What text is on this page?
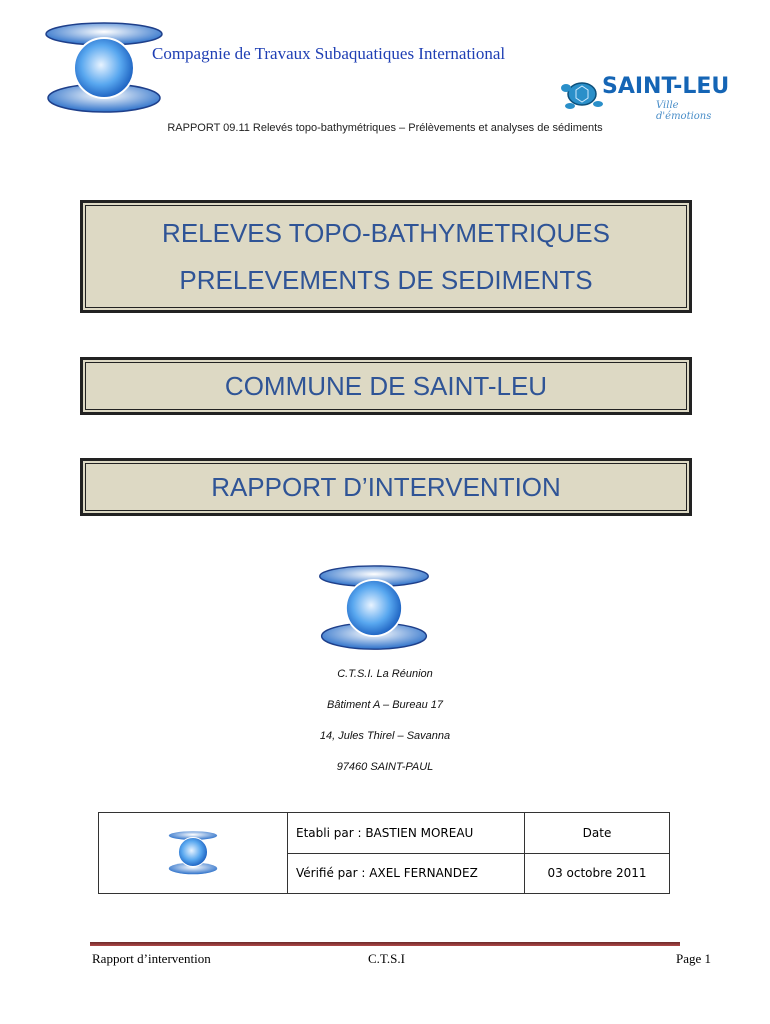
Compagnie de Travaux Subaquatiques International
SAINT-LEU
Ville d'émotions
RAPPORT 09.11 Relevés topo-bathymétriques – Prélèvements et analyses de sédiments
RELEVES TOPO-BATHYMETRIQUES
PRELEVEMENTS DE SEDIMENTS
COMMUNE DE SAINT-LEU
RAPPORT D’INTERVENTION
C.T.S.I. La Réunion
Bâtiment A – Bureau 17
14, Jules Thirel – Savanna
97460 SAINT-PAUL
	Etabli par : BASTIEN MOREAU	Date
	Vérifié par : AXEL FERNANDEZ	03 octobre 2011
Rapport d’intervention	C.T.S.I	Page 1
